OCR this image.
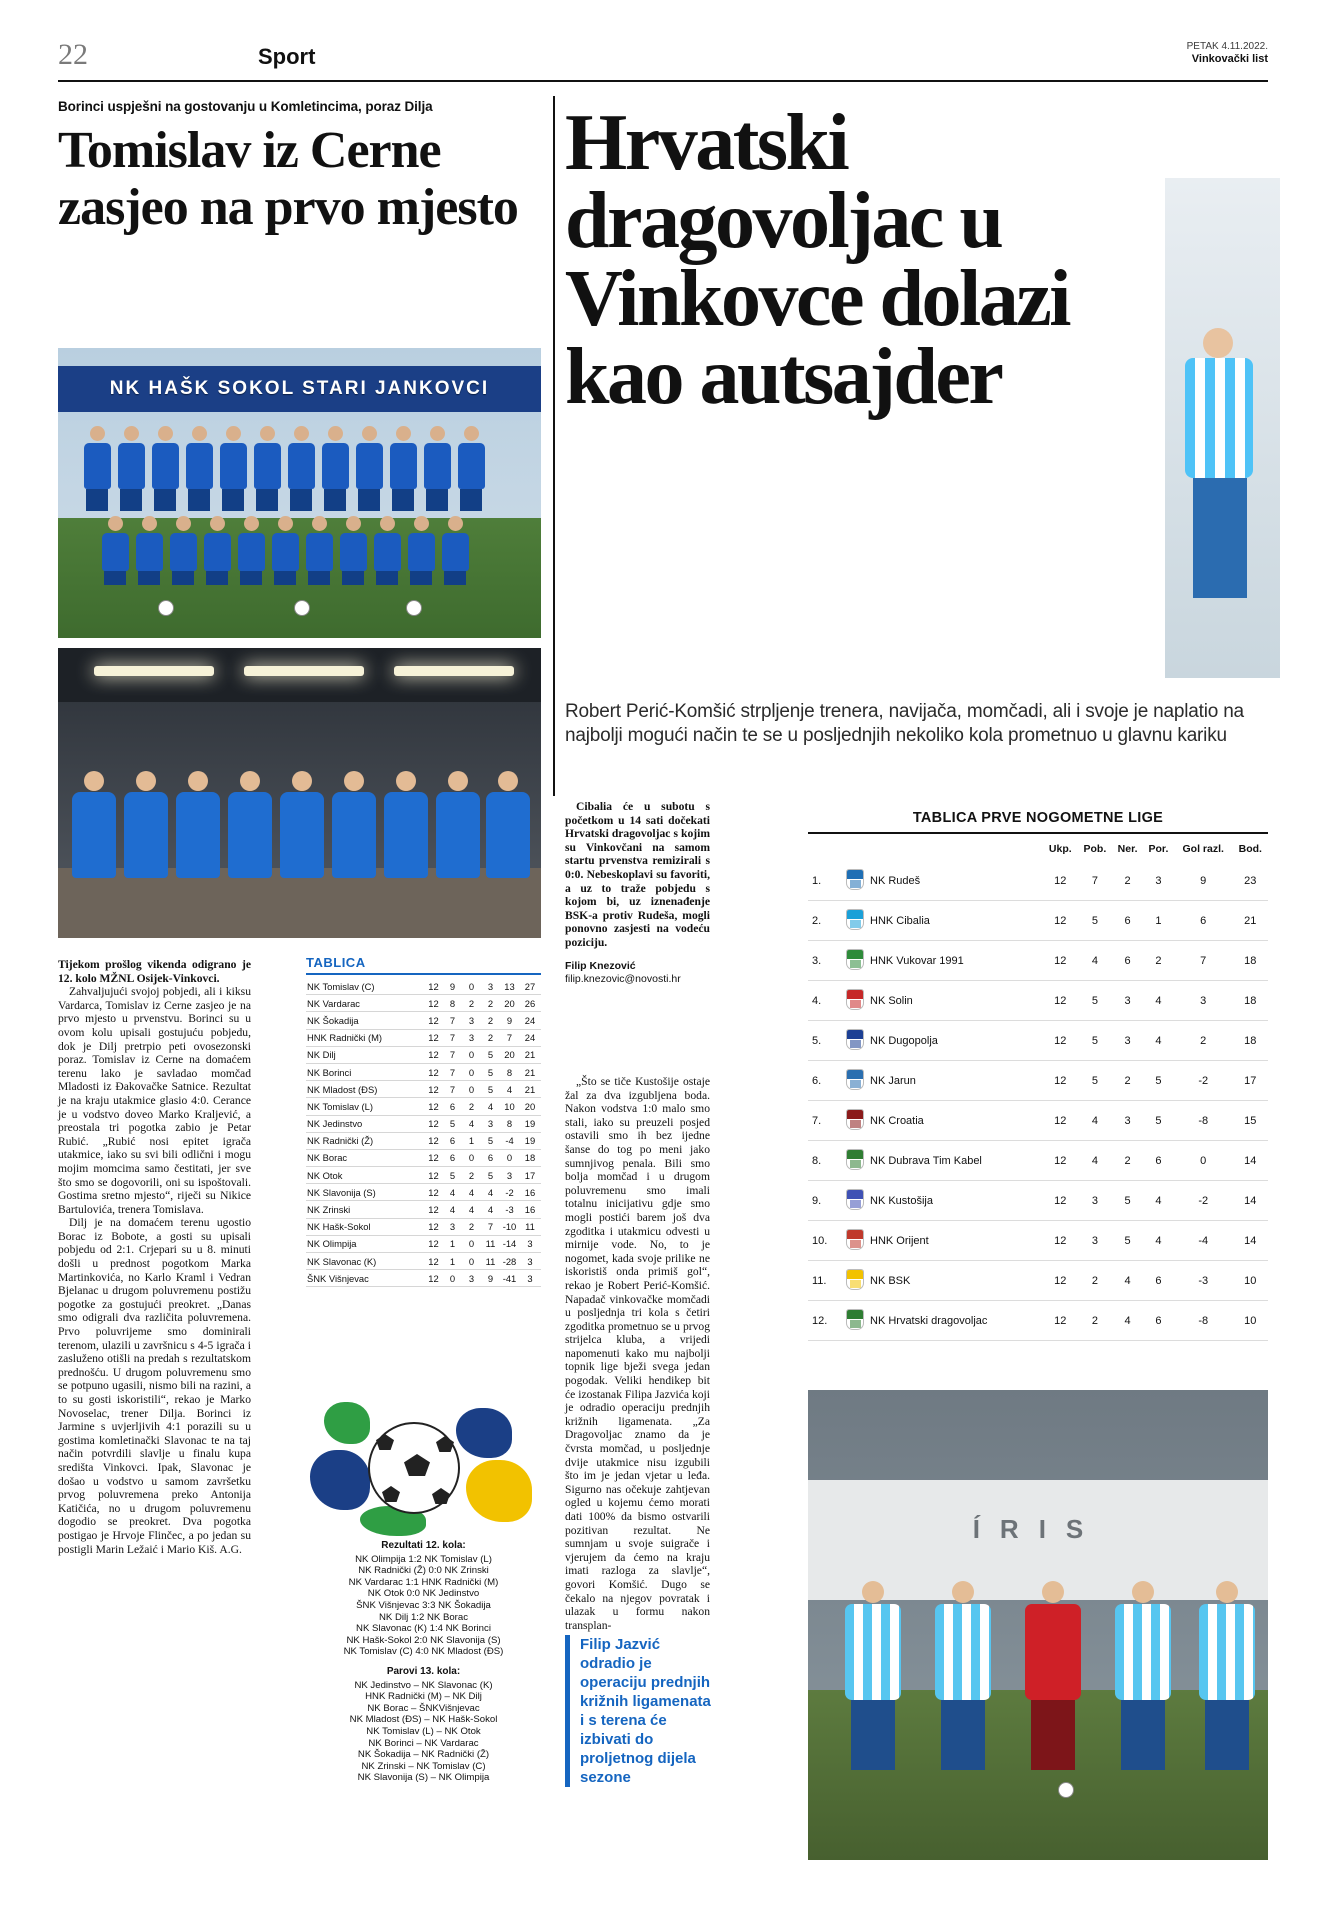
22	Sport	PETAK 4.11.2022.
Vinkovački list
Borinci uspješni na gostovanju u Komletincima, poraz Dilja
Tomislav iz Cerne zasjeo na prvo mjesto
NK HAŠK SOKOL STARI JANKOVCI

Tijekom prošlog vikenda odigrano je 12. kolo MŽNL Osijek-Vinkovci.

Zahvaljujući svojoj pobjedi, ali i kiksu Vardarca, Tomislav iz Cerne zasjeo je na prvo mjesto u prvenstvu. Borinci su u ovom kolu upisali gostujuću pobjedu, dok je Dilj pretrpio peti ovosezonski poraz. Tomislav iz Cerne na domaćem terenu lako je savladao momčad Mladosti iz Đakovačke Satnice. Rezultat je na kraju utakmice glasio 4:0. Cerance je u vodstvo doveo Marko Kraljević, a preostala tri pogotka zabio je Petar Rubić. „Rubić nosi epitet igrača utakmice, iako su svi bili odlični i mogu mojim momcima samo čestitati, jer sve što smo se dogovorili, oni su ispoštovali. Gostima sretno mjesto“, riječi su Nikice Bartulovića, trenera Tomislava.

Dilj je na domaćem terenu ugostio Borac iz Bobote, a gosti su upisali pobjedu od 2:1. Crjepari su u 8. minuti došli u prednost pogotkom Marka Martinkovića, no Karlo Kraml i Vedran Bjelanac u drugom poluvremenu postižu pogotke za gostujući preokret. „Danas smo odigrali dva različita poluvremena. Prvo poluvrijeme smo dominirali terenom, ulazili u završnicu s 4-5 igrača i zasluženo otišli na predah s rezultatskom prednošću. U drugom poluvremenu smo se potpuno ugasili, nismo bili na razini, a to su gosti iskoristili“, rekao je Marko Novoselac, trener Dilja. Borinci iz Jarmine s uvjerljivih 4:1 porazili su u gostima komletinački Slavonac te na taj način potvrdili slavlje u finalu kupa središta Vinkovci. Ipak, Slavonac je došao u vodstvo u samom završetku prvog poluvremena preko Antonija Katičića, no u drugom poluvremenu dogodio se preokret. Dva pogotka postigao je Hrvoje Flinčec, a po jedan su postigli Marin Ležaić i Mario Kiš. A.G.

TABLICA
NK Tomislav (C)	12	9	0	3	13	27
NK Vardarac	12	8	2	2	20	26
NK Šokadija	12	7	3	2	9	24
HNK Radnički (M)	12	7	3	2	7	24
NK Dilj	12	7	0	5	20	21
NK Borinci	12	7	0	5	8	21
NK Mladost (ĐS)	12	7	0	5	4	21
NK Tomislav (L)	12	6	2	4	10	20
NK Jedinstvo	12	5	4	3	8	19
NK Radnički (Ž)	12	6	1	5	-4	19
NK Borac	12	6	0	6	0	18
NK Otok	12	5	2	5	3	17
NK Slavonija (S)	12	4	4	4	-2	16
NK Zrinski	12	4	4	4	-3	16
NK Hašk-Sokol	12	3	2	7	-10	11
NK Olimpija	12	1	0	11	-14	3
NK Slavonac (K)	12	1	0	11	-28	3
ŠNK Višnjevac	12	0	3	9	-41	3
Rezultati 12. kola:
NK Olimpija 1:2 NK Tomislav (L)
NK Radnički (Ž) 0:0 NK Zrinski
NK Vardarac 1:1 HNK Radnički (M)
NK Otok 0:0 NK Jedinstvo
ŠNK Višnjevac 3:3 NK Šokadija
NK Dilj 1:2 NK Borac
NK Slavonac (K) 1:4 NK Borinci
NK Hašk-Sokol 2:0 NK Slavonija (S)
NK Tomislav (C) 4:0 NK Mladost (ĐS)
Parovi 13. kola:
NK Jedinstvo – NK Slavonac (K)
HNK Radnički (M) – NK Dilj
NK Borac – ŠNKVišnjevac
NK Mladost (ĐS) – NK Hašk-Sokol
NK Tomislav (L) – NK Otok
NK Borinci – NK Vardarac
NK Šokadija – NK Radnički (Ž)
NK Zrinski – NK Tomislav (C)
NK Slavonija (S) – NK Olimpija
Hrvatski dragovoljac u Vinkovce dolazi kao autsajder
Robert Perić-Komšić strpljenje trenera, navijača, momčadi, ali i svoje je naplatio na najbolji mogući način te se u posljednjih nekoliko kola prometnuo u glavnu kariku

Cibalia će u subotu s početkom u 14 sati dočekati Hrvatski dragovoljac s kojim su Vinkovčani na samom startu prvenstva remizirali s 0:0. Nebeskoplavi su favoriti, a uz to traže pobjedu s kojom bi, uz iznenađenje BSK-a protiv Rudeša, mogli ponovno zasjesti na vodeću poziciju.

Filip Knezović
filip.knezovic@novosti.hr

„Što se tiče Kustošije ostaje žal za dva izgubljena boda. Nakon vodstva 1:0 malo smo stali, iako su preuzeli posjed ostavili smo ih bez ijedne šanse do tog po meni jako sumnjivog penala. Bili smo bolja momčad i u drugom poluvremenu smo imali totalnu inicijativu gdje smo mogli postići barem još dva zgoditka i utakmicu odvesti u mirnije vode. No, to je nogomet, kada svoje prilike ne iskoristiš onda primiš gol“, rekao je Robert Perić-Komšić. Napadač vinkovačke momčadi u posljednja tri kola s četiri zgoditka prometnuo se u prvog strijelca kluba, a vrijedi napomenuti kako mu najbolji topnik lige bježi svega jedan pogodak. Veliki hendikep bit će izostanak Filipa Jazvića koji je odradio operaciju prednjih križnih ligamenata. „Za Dragovoljac znamo da je čvrsta momčad, u posljednje dvije utakmice nisu izgubili što im je jedan vjetar u leđa. Sigurno nas očekuje zahtjevan ogled u kojemu ćemo morati dati 100% da bismo ostvarili pozitivan rezultat. Ne sumnjam u svoje suigrače i vjerujem da ćemo na kraju imati razloga za slavlje“, govori Komšić. Dugo se čekalo na njegov povratak i ulazak u formu nakon transplan-

Filip Jazvić odradio je operaciju prednjih križnih ligamenata i s terena će izbivati do proljetnog dijela sezone
TABLICA PRVE NOGOMETNE LIGE
			Ukp.	Pob.	Ner.	Por.	Gol razl.	Bod.
1.		NK Rudeš	12	7	2	3	9	23
2.		HNK Cibalia	12	5	6	1	6	21
3.		HNK Vukovar 1991	12	4	6	2	7	18
4.		NK Solin	12	5	3	4	3	18
5.		NK Dugopolja	12	5	3	4	2	18
6.		NK Jarun	12	5	2	5	-2	17
7.		NK Croatia	12	4	3	5	-8	15
8.		NK Dubrava Tim Kabel	12	4	2	6	0	14
9.		NK Kustošija	12	3	5	4	-2	14
10.		HNK Orijent	12	3	5	4	-4	14
11.		NK BSK	12	2	4	6	-3	10
12.		NK Hrvatski dragovoljac	12	2	4	6	-8	10
ÍRIS
